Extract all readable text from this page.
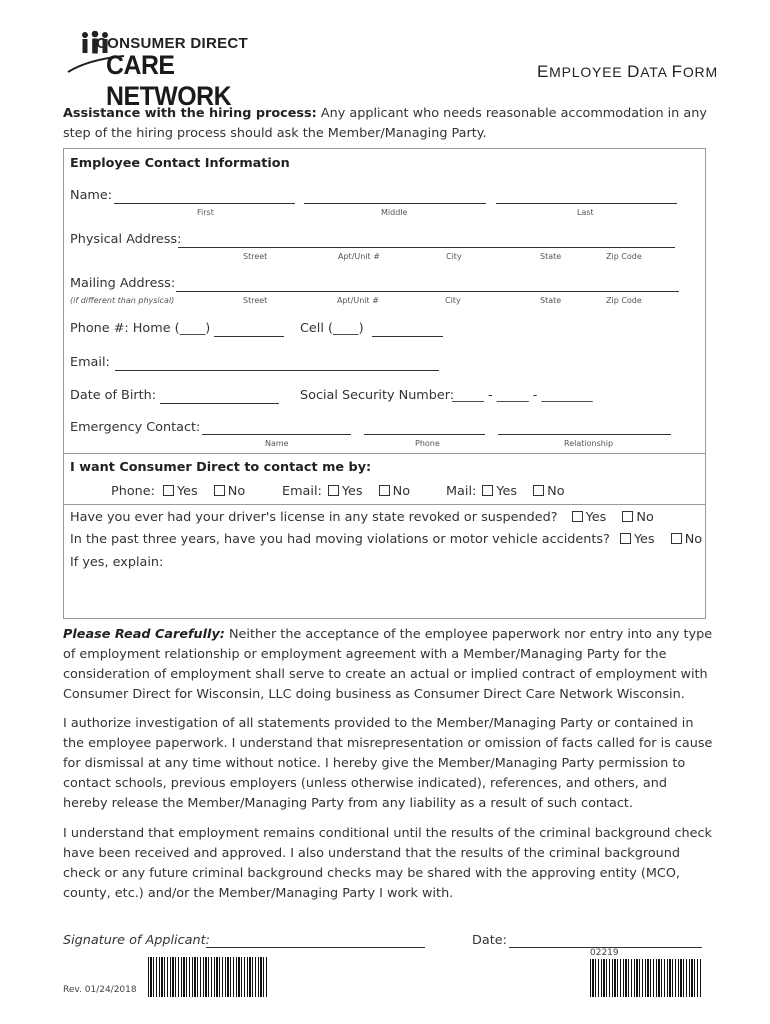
CONSUMER DIRECT
CARE NETWORK
EMPLOYEE DATA FORM
Assistance with the hiring process: Any applicant who needs reasonable accommodation in any step of the hiring process should ask the Member/Managing Party.
Employee Contact Information
Name:
First	Middle	Last
Physical Address:
Street	Apt/Unit #	City	State	Zip Code
Mailing Address:
(if different than physical)	Street	Apt/Unit #	City	State	Zip Code
Phone #: Home (____)	Cell (____)
Email:
Date of Birth:	Social Security Number:
_____ - _____ - ________
Emergency Contact:
Name	Phone	Relationship
I want Consumer Direct to contact me by:
Phone: Yes No	Email: Yes No	Mail: Yes No
Have you ever had your driver's license in any state revoked or suspended? Yes No
In the past three years, have you had moving violations or motor vehicle accidents? Yes No
If yes, explain:
Please Read Carefully: Neither the acceptance of the employee paperwork nor entry into any type of employment relationship or employment agreement with a Member/Managing Party for the consideration of employment shall serve to create an actual or implied contract of employment with Consumer Direct for Wisconsin, LLC doing business as Consumer Direct Care Network Wisconsin.
I authorize investigation of all statements provided to the Member/Managing Party or contained in the employee paperwork. I understand that misrepresentation or omission of facts called for is cause for dismissal at any time without notice. I hereby give the Member/Managing Party permission to contact schools, previous employers (unless otherwise indicated), references, and others, and hereby release the Member/Managing Party from any liability as a result of such contact.
I understand that employment remains conditional until the results of the criminal background check have been received and approved. I also understand that the results of the criminal background check or any future criminal background checks may be shared with the approving entity (MCO, county, etc.) and/or the Member/Managing Party I work with.
Signature of Applicant:	Date:
Rev. 01/24/2018
02219
